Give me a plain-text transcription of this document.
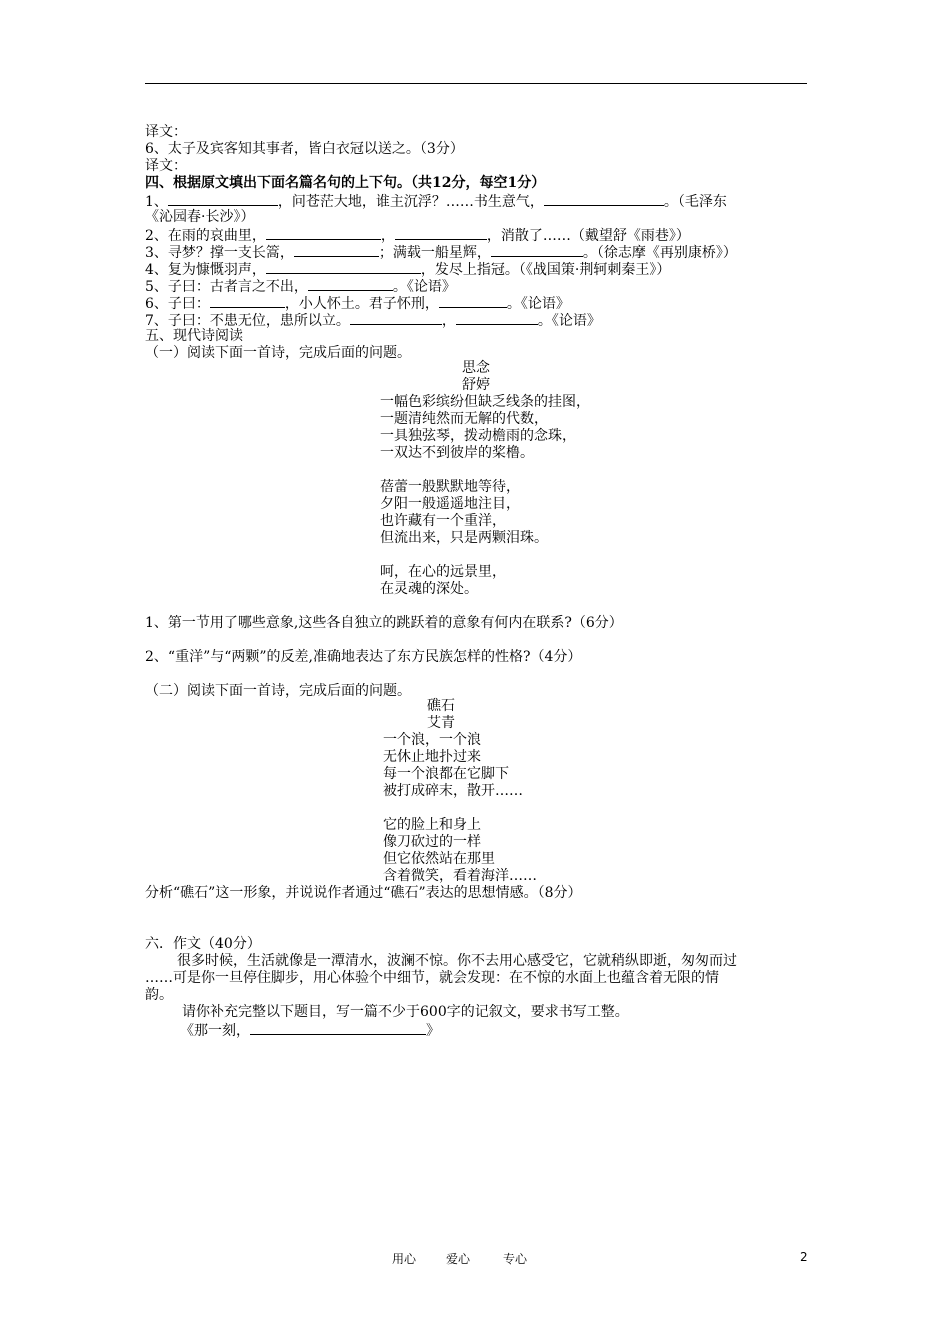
译文：
6、太子及宾客知其事者，皆白衣冠以送之。（3分）
译文：
四、根据原文填出下面名篇名句的上下句。（共12分，每空1分）
1、	，问苍茫大地，谁主沉浮？……书生意气，	。（毛泽东
《沁园春·长沙》）
2、在雨的哀曲里，	，	，消散了……（戴望舒《雨巷》）
3、寻梦？撑一支长篙，	；满载一船星辉，	。（徐志摩《再别康桥》）
4、复为慷慨羽声，	，发尽上指冠。（《战国策·荆轲刺秦王》）
5、子曰：古者言之不出，	。《论语》
6、子曰：	，小人怀土。君子怀刑，	。《论语》
7、子曰：不患无位，患所以立。	，	。《论语》
五、现代诗阅读
（一）阅读下面一首诗，完成后面的问题。
思念
舒婷
一幅色彩缤纷但缺乏线条的挂图，
一题清纯然而无解的代数，
一具独弦琴，拨动檐雨的念珠，
一双达不到彼岸的桨橹。
蓓蕾一般默默地等待，
夕阳一般遥遥地注目，
也许藏有一个重洋，
但流出来，只是两颗泪珠。
呵，在心的远景里，
在灵魂的深处。
1、第一节用了哪些意象,这些各自独立的跳跃着的意象有何内在联系?（6分）
2、“重洋”与“两颗”的反差,准确地表达了东方民族怎样的性格?（4分）
（二）阅读下面一首诗，完成后面的问题。
礁石
艾青
一个浪，一个浪
无休止地扑过来
每一个浪都在它脚下
被打成碎末，散开……
它的脸上和身上
像刀砍过的一样
但它依然站在那里
含着微笑，看着海洋……
分析“礁石”这一形象，并说说作者通过“礁石”表达的思想情感。（8分）
六．作文（40分）
很多时候，生活就像是一潭清水，波澜不惊。你不去用心感受它，它就稍纵即逝，匆匆而过
……可是你一旦停住脚步，用心体验个中细节，就会发现：在不惊的水面上也蕴含着无限的情
韵。
请你补充完整以下题目，写一篇不少于600字的记叙文，要求书写工整。
《那一刻，	》
用心 爱心	专心	2
